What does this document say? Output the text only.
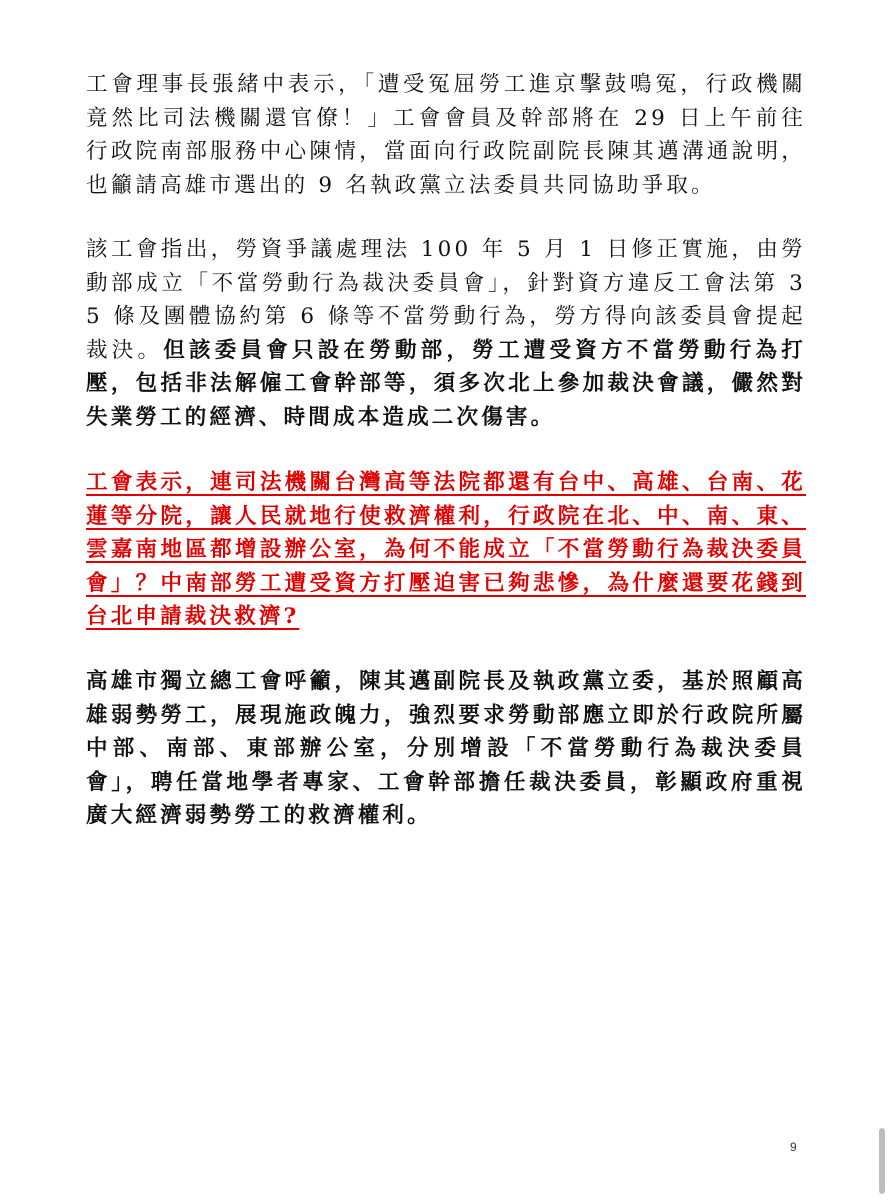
工會理事長張緒中表示，「遭受冤屈勞工進京擊鼓鳴冤，行政機關竟然比司法機關還官僚！」工會會員及幹部將在 29 日上午前往行政院南部服務中心陳情，當面向行政院副院長陳其邁溝通說明，也籲請高雄市選出的 9 名執政黨立法委員共同協助爭取。

該工會指出，勞資爭議處理法 100 年 5 月 1 日修正實施，由勞動部成立「不當勞動行為裁決委員會」，針對資方違反工會法第 35 條及團體協約第 6 條等不當勞動行為，勞方得向該委員會提起裁決。但該委員會只設在勞動部，勞工遭受資方不當勞動行為打壓，包括非法解僱工會幹部等，須多次北上參加裁決會議，儼然對失業勞工的經濟、時間成本造成二次傷害。

工會表示，連司法機關台灣高等法院都還有台中、高雄、台南、花蓮等分院，讓人民就地行使救濟權利，行政院在北、中、南、東、雲嘉南地區都增設辦公室，為何不能成立「不當勞動行為裁決委員會」？中南部勞工遭受資方打壓迫害已夠悲慘，為什麼還要花錢到台北申請裁決救濟?

高雄市獨立總工會呼籲，陳其邁副院長及執政黨立委，基於照顧高雄弱勢勞工，展現施政魄力，強烈要求勞動部應立即於行政院所屬中部、南部、東部辦公室，分別增設「不當勞動行為裁決委員會」，聘任當地學者專家、工會幹部擔任裁決委員，彰顯政府重視廣大經濟弱勢勞工的救濟權利。

9
